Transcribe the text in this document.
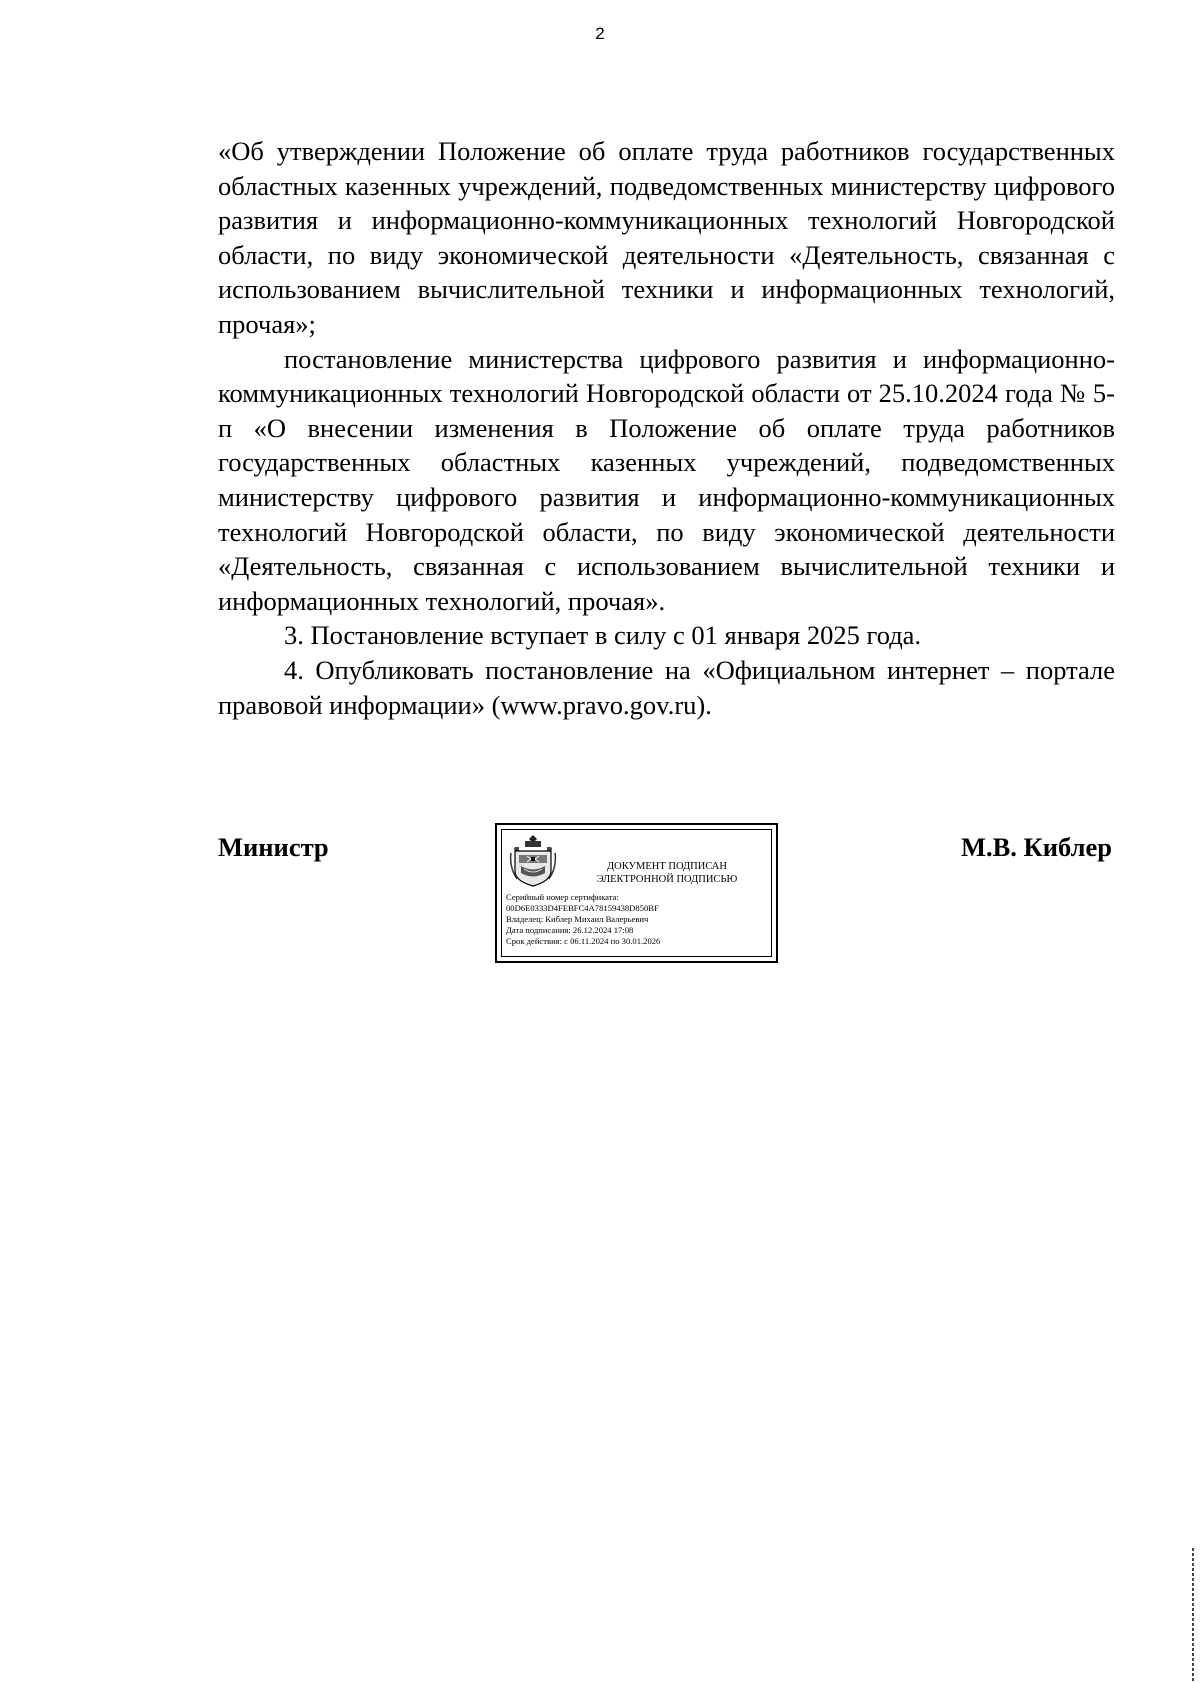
2

«Об утверждении Положение об оплате труда работников государственных областных казенных учреждений, подведомственных министерству цифрового развития и информационно-коммуникационных технологий Новгородской области, по виду экономической деятельности «Деятельность, связанная с использованием вычислительной техники и информационных технологий, прочая»;

постановление министерства цифрового развития и информационно-коммуникационных технологий Новгородской области от 25.10.2024 года № 5-п «О внесении изменения в Положение об оплате труда работников государственных областных казенных учреждений, подведомственных министерству цифрового развития и информационно-коммуникационных технологий Новгородской области, по виду экономической деятельности «Деятельность, связанная с использованием вычислительной техники и информационных технологий, прочая».

3. Постановление вступает в силу с 01 января 2025 года.

4. Опубликовать постановление на «Официальном интернет – портале правовой информации» (www.pravo.gov.ru).

Министр
ДОКУМЕНТ ПОДПИСАН
ЭЛЕКТРОННОЙ ПОДПИСЬЮ
Серийный номер сертификата:
00D6E0333D4FEBFC4A78159438D850BF
Владелец: Киблер Михаил Валерьевич
Дата подписания: 26.12.2024 17:08
Срок действия: с 06.11.2024 по 30.01.2026
М.В. Киблер
